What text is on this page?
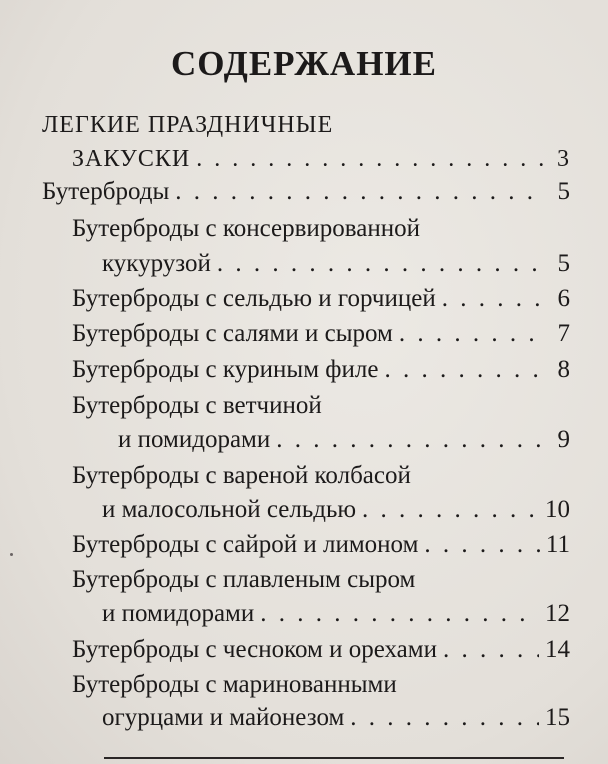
СОДЕРЖАНИЕ
ЛЕГКИЕ ПРАЗДНИЧНЫЕ
ЗАКУСКИ . . .	3
Бутерброды . . .	5
Бутерброды с консервированной
кукурузой . . .	5
Бутерброды с сельдью и горчицей . . .	6
Бутерброды с салями и сыром . . .	7
Бутерброды с куриным филе . . .	8
Бутерброды с ветчиной
и помидорами . . .	9
Бутерброды с вареной колбасой
и малосольной сельдью . . .	10
Бутерброды с сайрой и лимоном . . .	11
Бутерброды с плавленым сыром
и помидорами . . .	12
Бутерброды с чесноком и орехами . . .	14
Бутерброды с маринованными
огурцами и майонезом . . .	15
